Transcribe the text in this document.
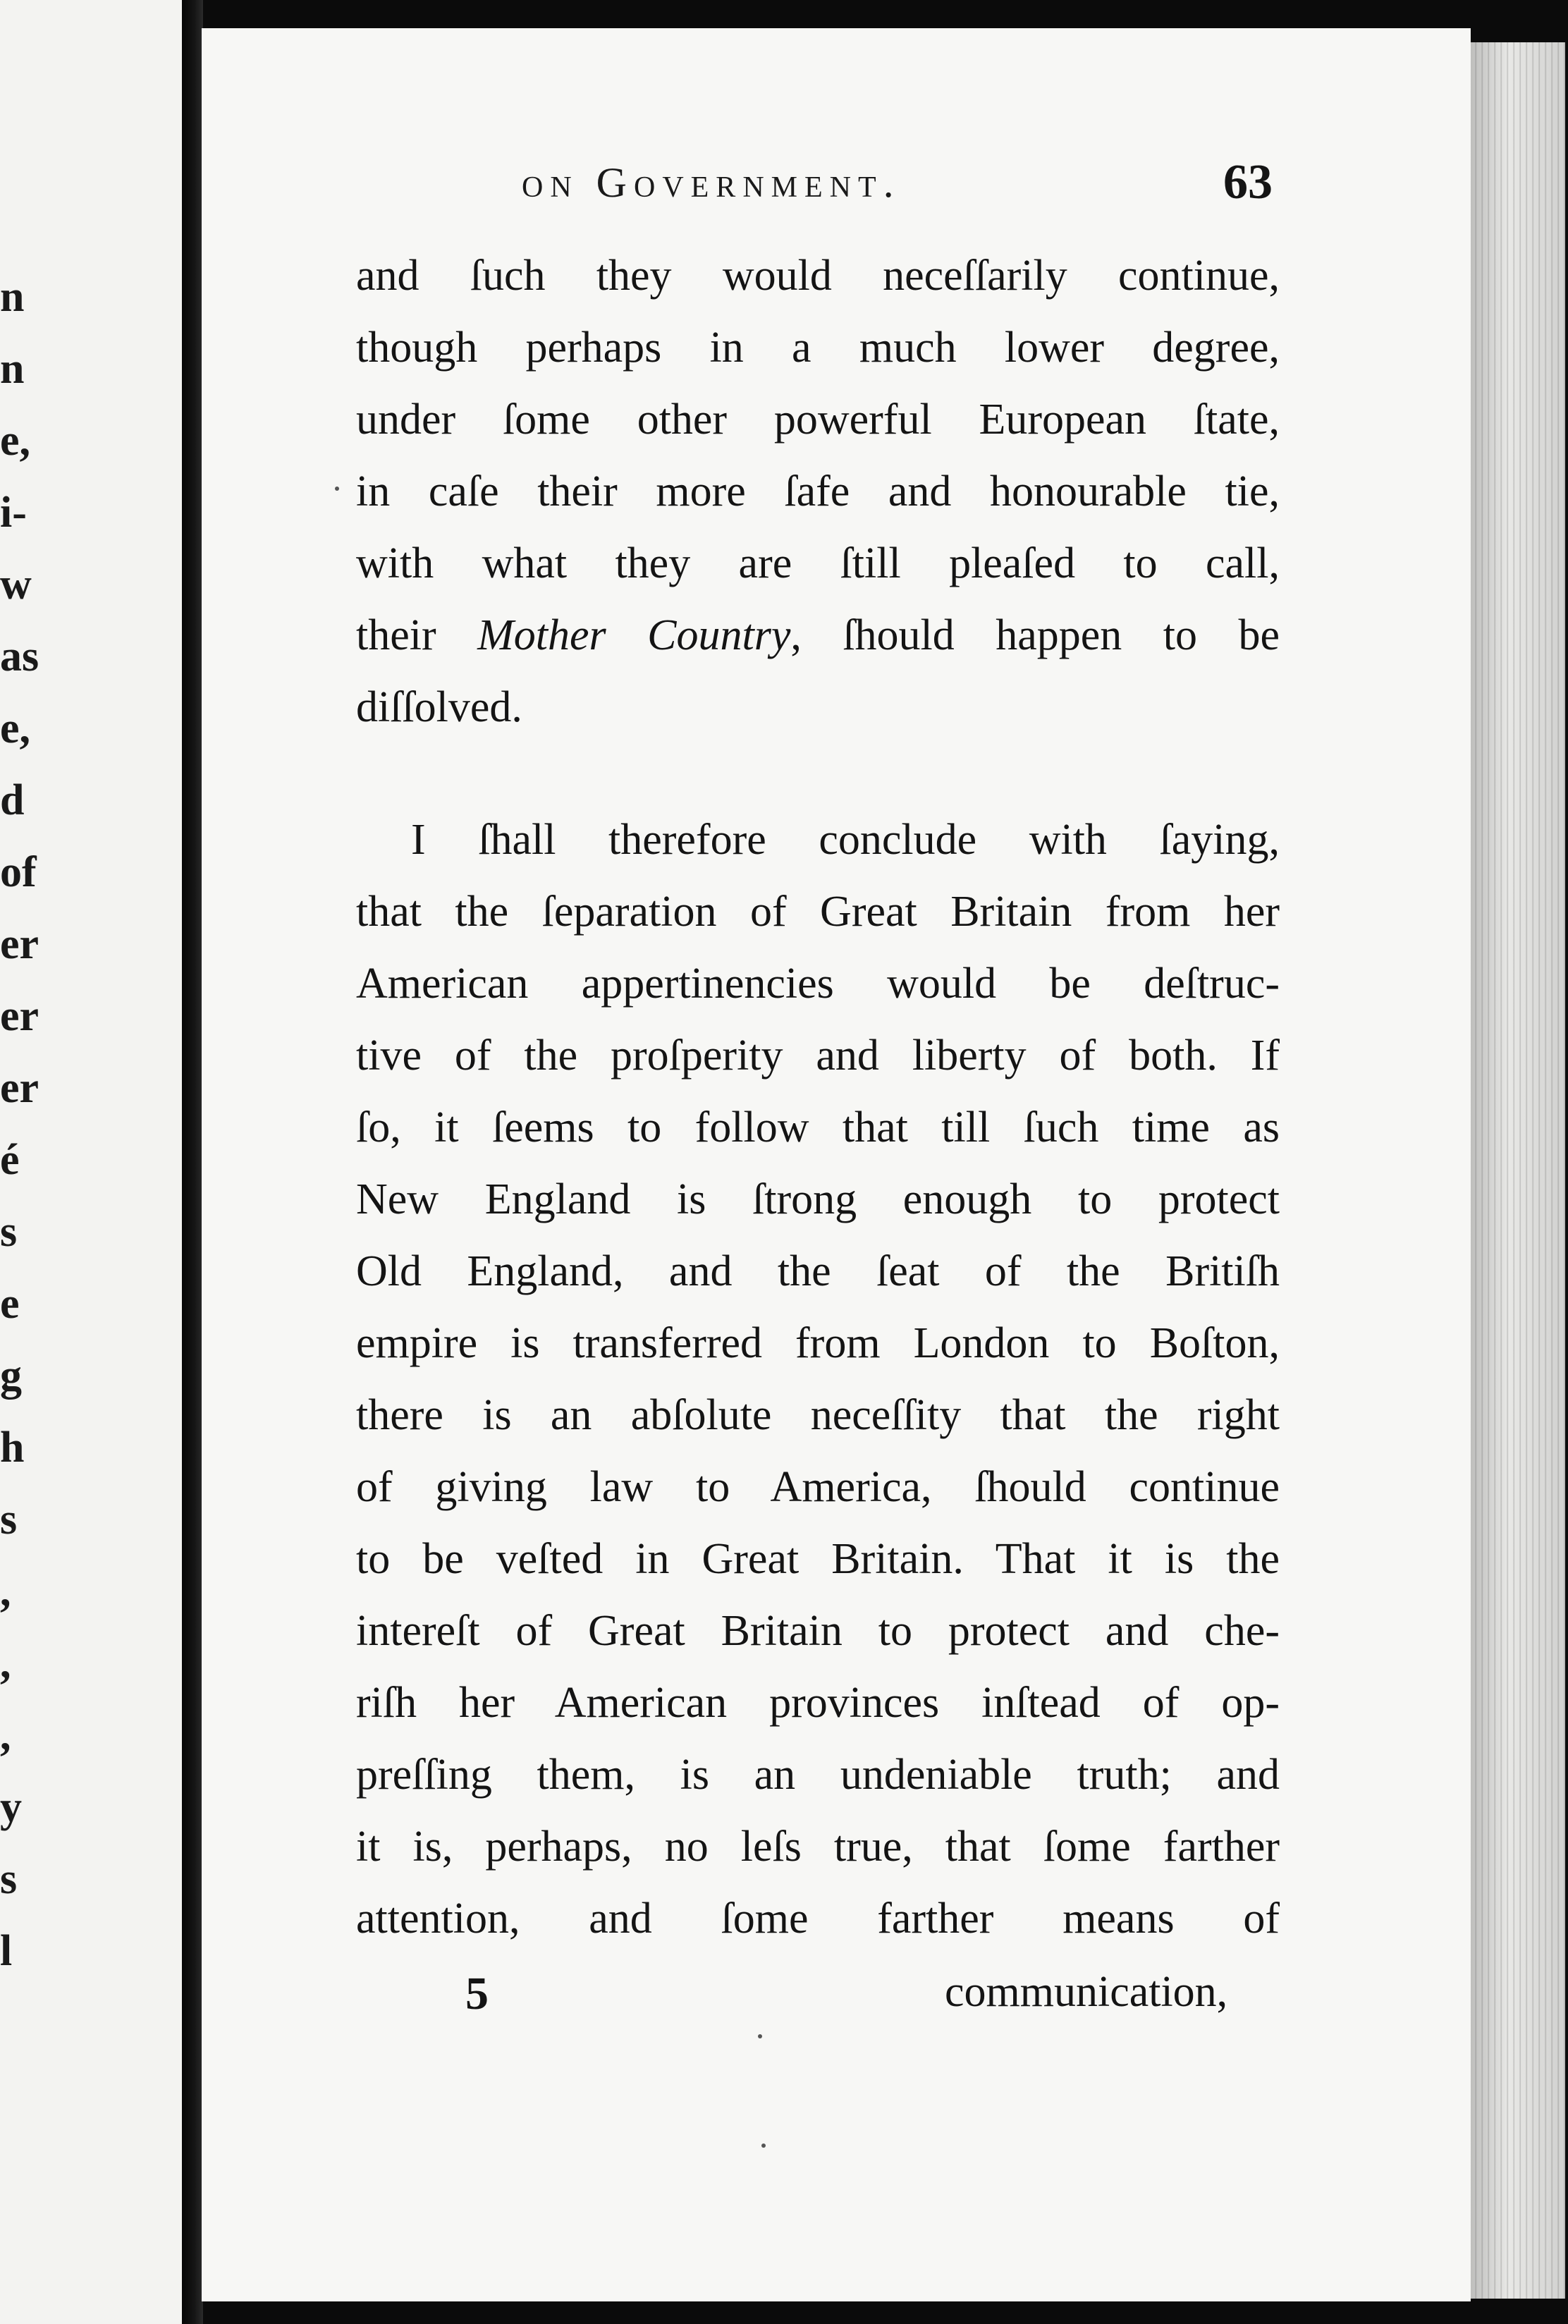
n
n
e,
i-
w
as
e,
d
of
er
er
er
é
s
e
g
h
s
,
,
,
y
s
l
on Government.	63
and ſuch they would neceſſarily continue,
though perhaps in a much lower degree,
under ſome other powerful European ſtate,
in caſe their more ſafe and honourable tie,
with what they are ſtill pleaſed to call,
their Mother Country, ſhould happen to be
diſſolved.
I ſhall therefore conclude with ſaying,
that the ſeparation of Great Britain from her
American appertinencies would be deſtruc-
tive of the proſperity and liberty of both. If
ſo, it ſeems to follow that till ſuch time as
New England is ſtrong enough to protect
Old England, and the ſeat of the Britiſh
empire is transferred from London to Boſton,
there is an abſolute neceſſity that the right
of giving law to America, ſhould continue
to be veſted in Great Britain. That it is the
intereſt of Great Britain to protect and che-
riſh her American provinces inſtead of op-
preſſing them, is an undeniable truth; and
it is, perhaps, no leſs true, that ſome farther
attention, and ſome farther means of
5	communication,
